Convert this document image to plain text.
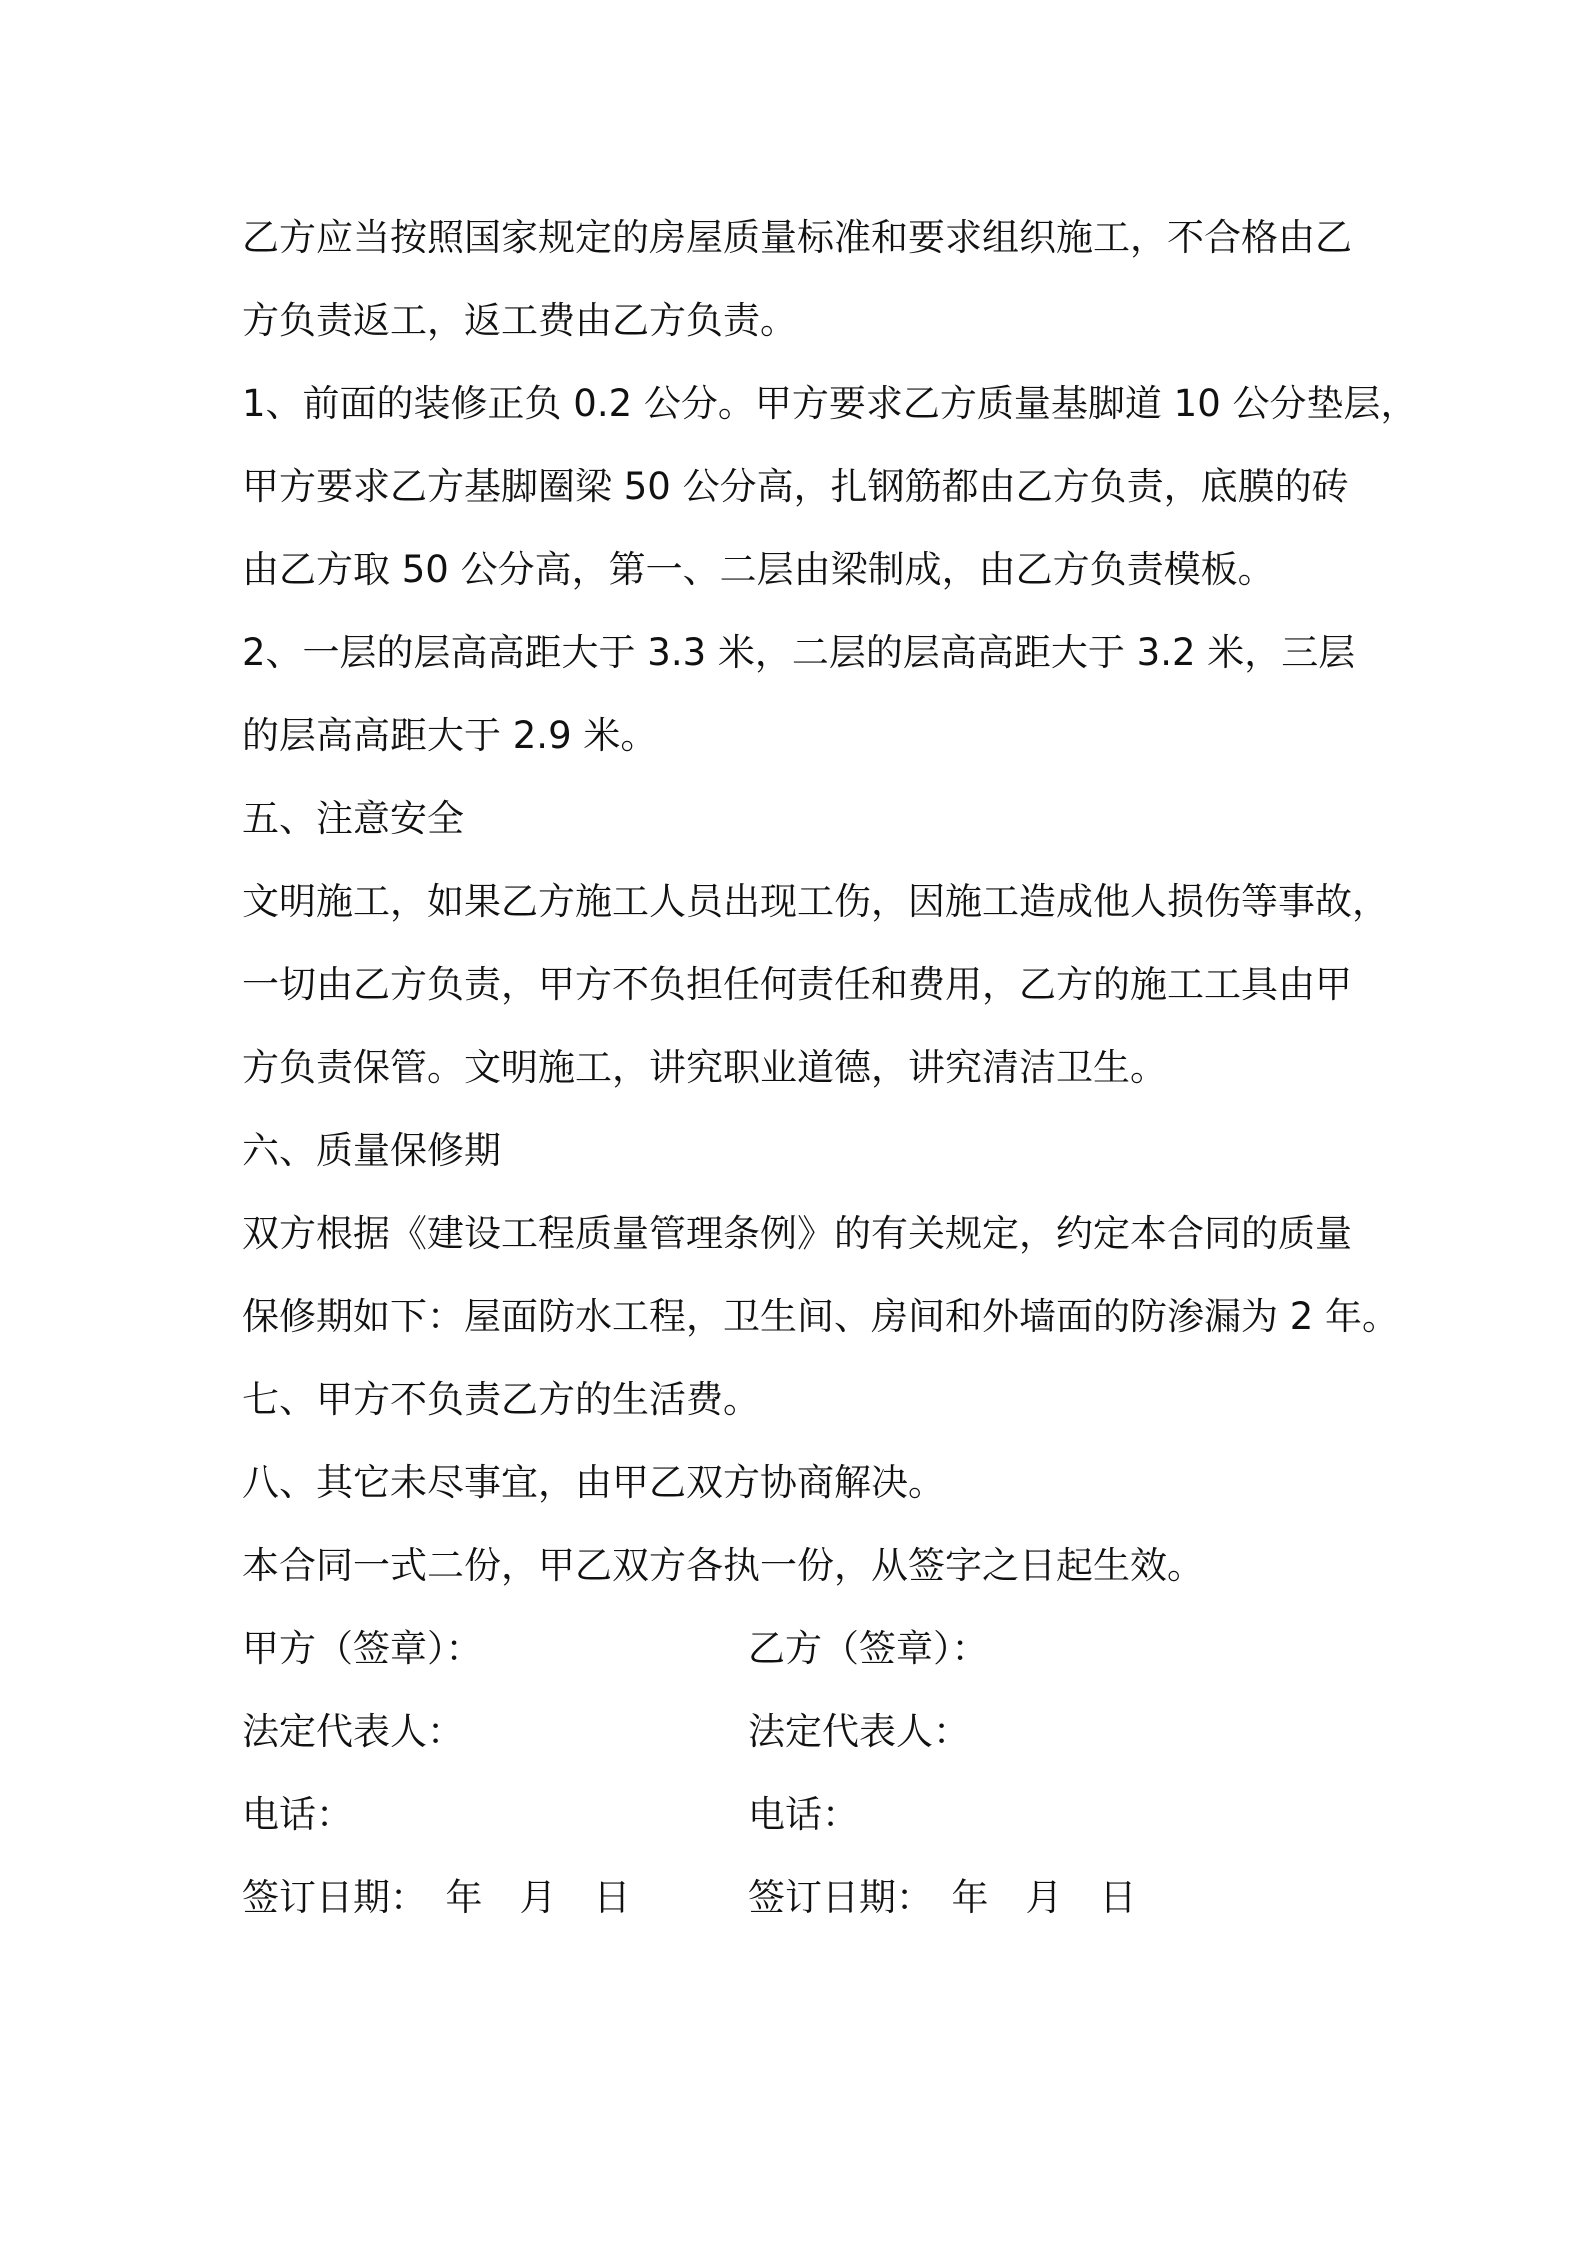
乙方应当按照国家规定的房屋质量标准和要求组织施工，不合格由乙
方负责返工，返工费由乙方负责。
1、前面的装修正负 0.2 公分。甲方要求乙方质量基脚道 10 公分垫层，
甲方要求乙方基脚圈梁 50 公分高，扎钢筋都由乙方负责，底膜的砖
由乙方取 50 公分高，第一、二层由梁制成，由乙方负责模板。
2、一层的层高高距大于 3.3 米，二层的层高高距大于 3.2 米，三层
的层高高距大于 2.9 米。
五、注意安全
文明施工，如果乙方施工人员出现工伤，因施工造成他人损伤等事故，
一切由乙方负责，甲方不负担任何责任和费用，乙方的施工工具由甲
方负责保管。文明施工，讲究职业道德，讲究清洁卫生。
六、质量保修期
双方根据《建设工程质量管理条例》的有关规定，约定本合同的质量
保修期如下：屋面防水工程，卫生间、房间和外墙面的防渗漏为 2 年。
七、甲方不负责乙方的生活费。
八、其它未尽事宜，由甲乙双方协商解决。
本合同一式二份，甲乙双方各执一份，从签字之日起生效。
甲方（签章）：	乙方（签章）：
法定代表人：	法定代表人：
电话：	电话：
签订日期：　年　月　日	签订日期：　年　月　日
